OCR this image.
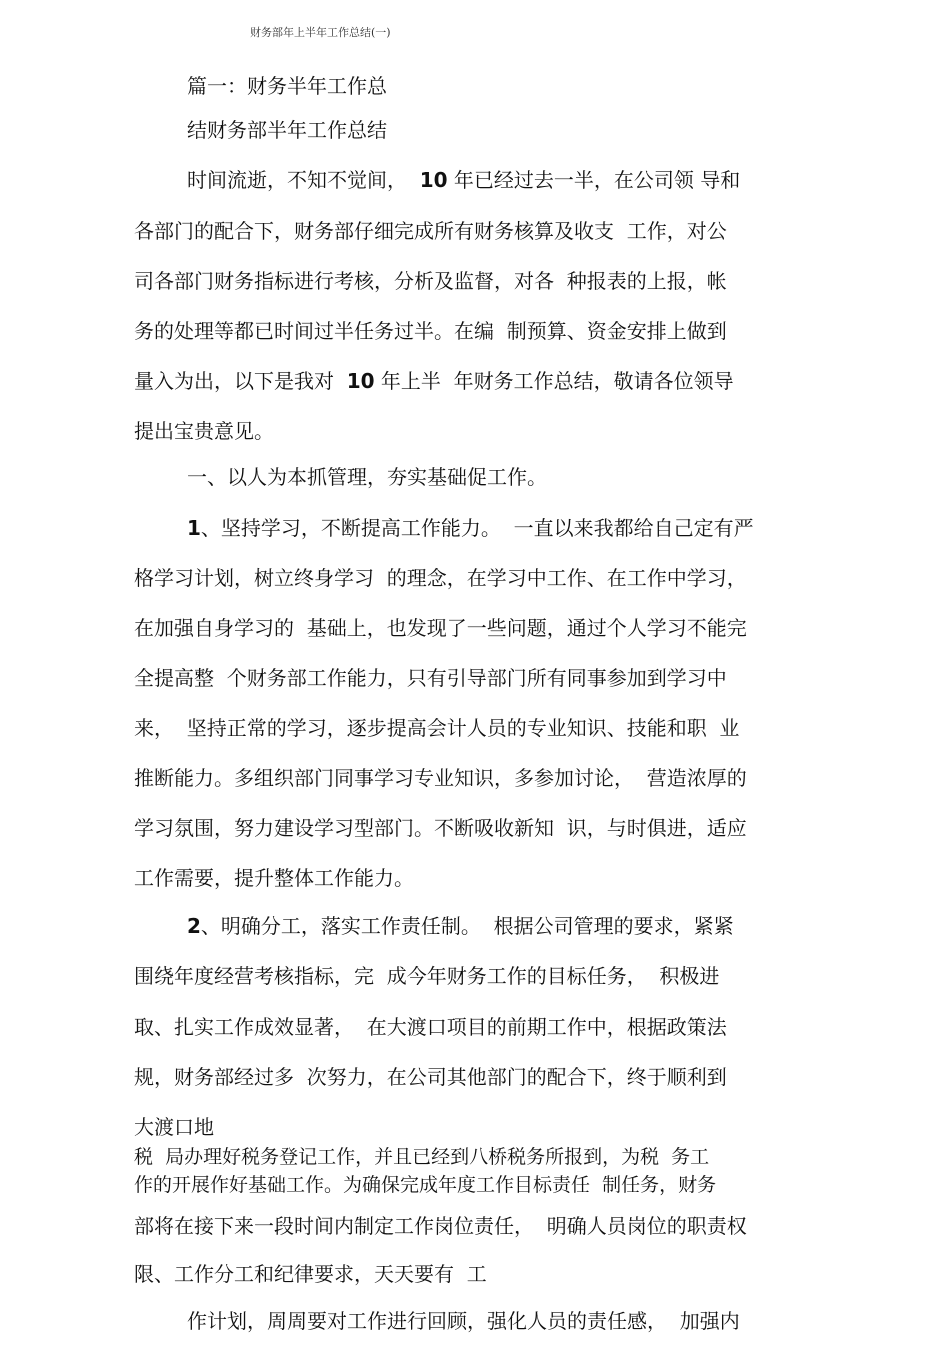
财务部年上半年工作总结(一)
篇一：财务半年工作总
结财务部半年工作总结
时间流逝，不知不觉间，  10 年已经过去一半，在公司领 导和
各部门的配合下，财务部仔细完成所有财务核算及收支  工作，对公
司各部门财务指标进行考核，分析及监督，对各  种报表的上报，帐
务的处理等都已时间过半任务过半。在编  制预算、资金安排上做到
量入为出，以下是我对  10 年上半  年财务工作总结，敬请各位领导
提出宝贵意见。
一、以人为本抓管理，夯实基础促工作。
1、坚持学习，不断提高工作能力。  一直以来我都给自己定有严
格学习计划，树立终身学习  的理念，在学习中工作、在工作中学习，
在加强自身学习的  基础上，也发现了一些问题，通过个人学习不能完
全提高整  个财务部工作能力，只有引导部门所有同事参加到学习中
来，  坚持正常的学习，逐步提高会计人员的专业知识、技能和职  业
推断能力。多组织部门同事学习专业知识，多参加讨论，  营造浓厚的
学习氛围，努力建设学习型部门。不断吸收新知  识，与时俱进，适应
工作需要，提升整体工作能力。
2、明确分工，落实工作责任制。  根据公司管理的要求，紧紧
围绕年度经营考核指标，完  成今年财务工作的目标任务，  积极进
取、扎实工作成效显著，  在大渡口项目的前期工作中，根据政策法
规，财务部经过多  次努力，在公司其他部门的配合下，终于顺利到
大渡口地
税  局办理好税务登记工作，并且已经到八桥税务所报到，为税  务工
作的开展作好基础工作。为确保完成年度工作目标责任  制任务，财务
部将在接下来一段时间内制定工作岗位责任，  明确人员岗位的职责权
限、工作分工和纪律要求，天天要有  工
作计划，周周要对工作进行回顾，强化人员的责任感，  加强内
